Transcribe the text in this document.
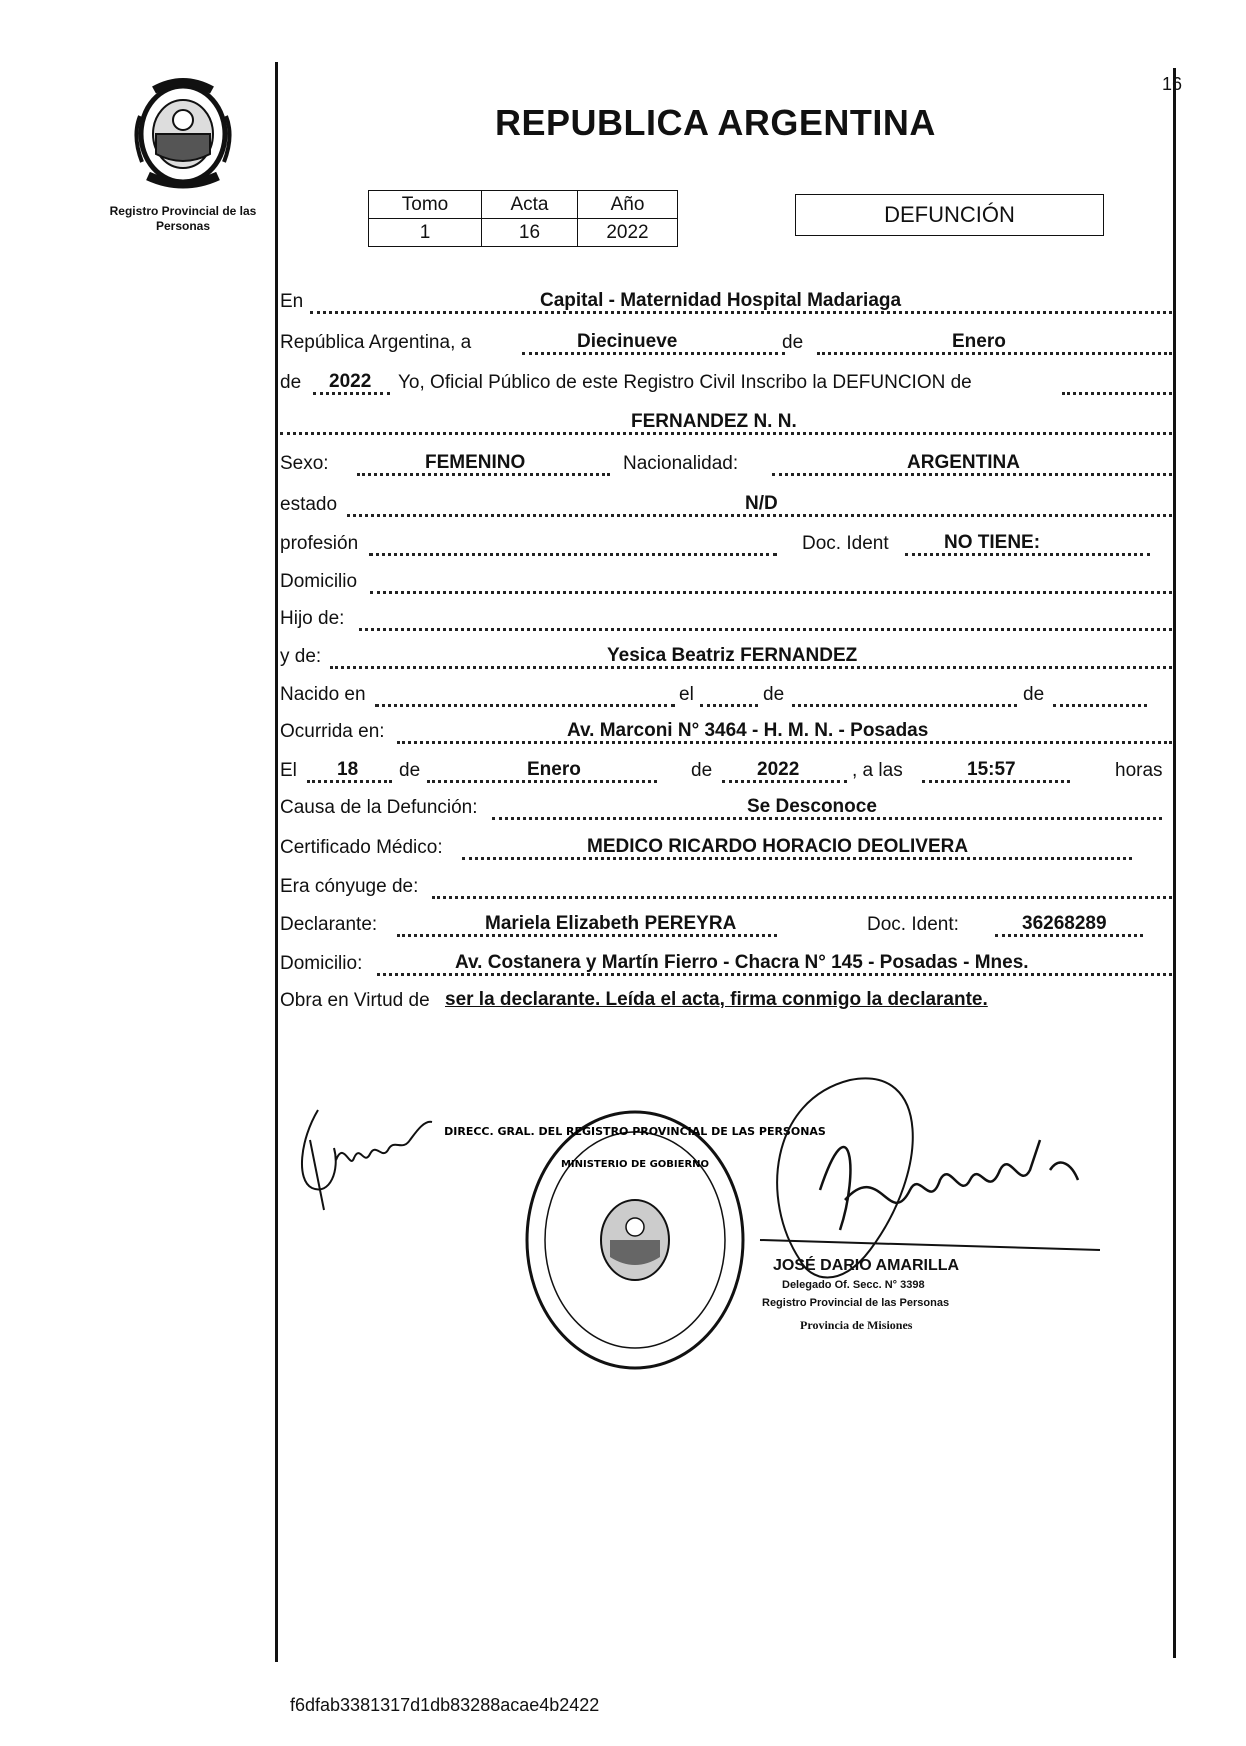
Registro Provincial de las Personas
16
REPUBLICA ARGENTINA
Tomo	Acta	Año
1	16	2022
DEFUNCIÓN
En	Capital - Maternidad Hospital Madariaga
República Argentina, a	Diecinueve	de	Enero
de 2022 Yo, Oficial Público de este Registro Civil Inscribo la DEFUNCION de
FERNANDEZ N. N.
Sexo:	FEMENINO	Nacionalidad:	ARGENTINA
estado	N/D
profesión	Doc. Ident	NO TIENE:
Domicilio
Hijo de:
y de:	Yesica Beatriz FERNANDEZ
Nacido en	el	de	de
Ocurrida en:	Av. Marconi N° 3464 - H. M. N. - Posadas
El 18 de	Enero	de 2022	, a las	15:57	horas
Causa de la Defunción:	Se Desconoce
Certificado Médico:	MEDICO RICARDO HORACIO DEOLIVERA
Era cónyuge de:
Declarante:	Mariela Elizabeth PEREYRA	Doc. Ident:	36268289
Domicilio:	Av. Costanera y Martín Fierro - Chacra N° 145 - Posadas - Mnes.
Obra en Virtud de ser la declarante. Leída el acta, firma conmigo la declarante.
DIRECC. GRAL. DEL REGISTRO PROVINCIAL DE LAS PERSONAS
MINISTERIO DE GOBIERNO
JOSÉ DARIO AMARILLA
Delegado Of. Secc. N° 3398
Registro Provincial de las Personas
Provincia de Misiones
f6dfab3381317d1db83288acae4b2422
